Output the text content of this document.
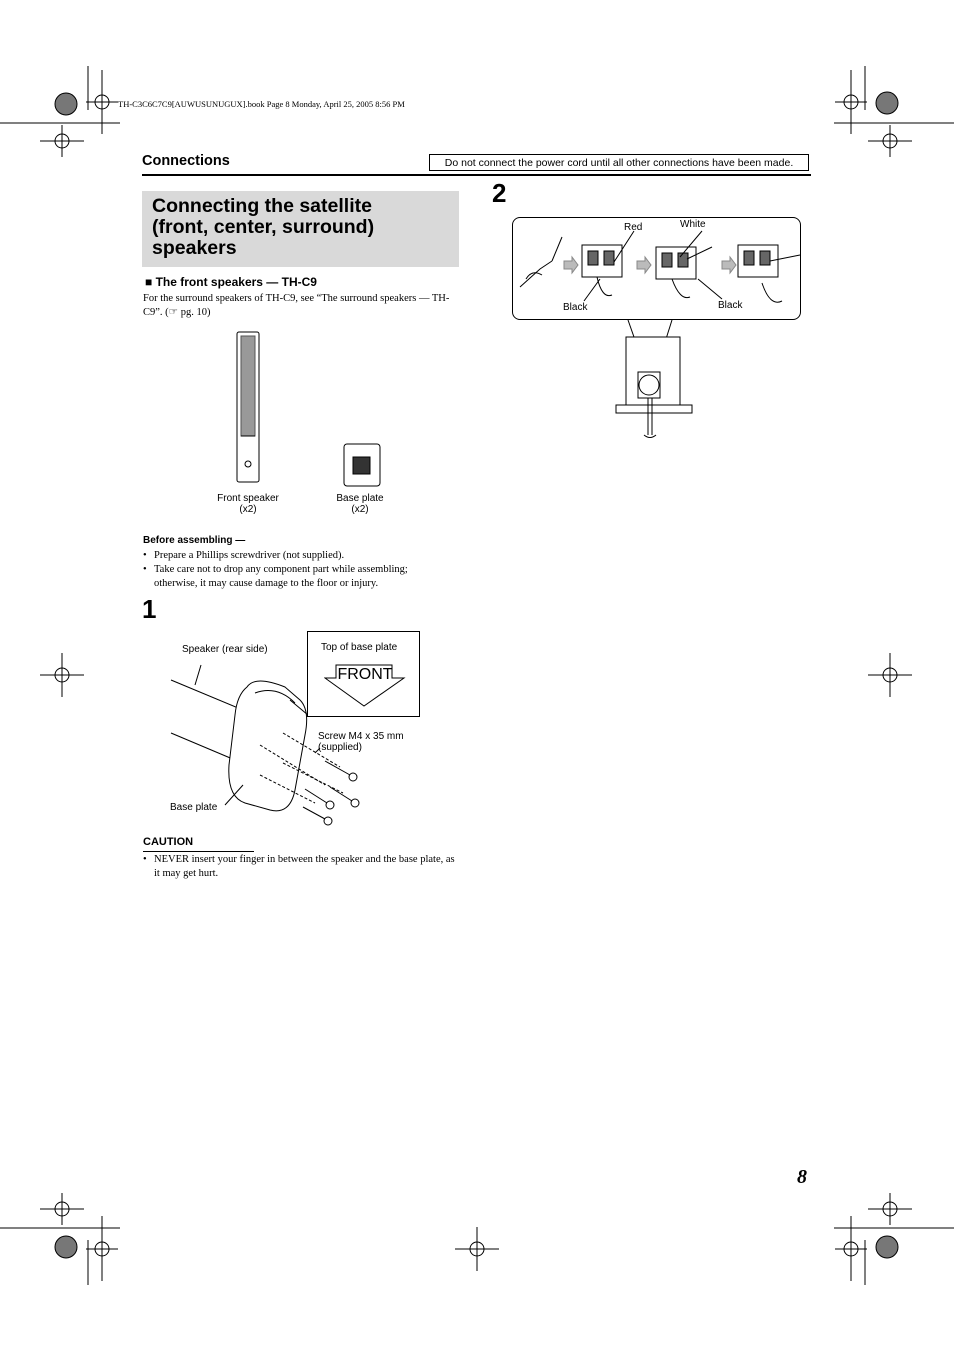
TH-C3C6C7C9[AUWUSUNUGUX].book Page 8 Monday, April 25, 2005 8:56 PM
Connections	Do not connect the power cord until all other connections have been made.
Connecting the satellite
(front, center, surround)
speakers
■ The front speakers — TH-C9
For the surround speakers of TH-C9, see “The surround speakers — TH-C9”. (☞ pg. 10)
Front speaker
(x2)
Base plate
(x2)
Before assembling —
• Prepare a Phillips screwdriver (not supplied).
• Take care not to drop any component part while assembling; otherwise, it may cause damage to the floor or injury.
1
Speaker (rear side)
Screw M4 x 35 mm
(supplied)
Base plate
Top of base plate
FRONT
CAUTION
• NEVER insert your finger in between the speaker and the base plate, as it may get hurt.
2
Red	White
Black	Black
8
